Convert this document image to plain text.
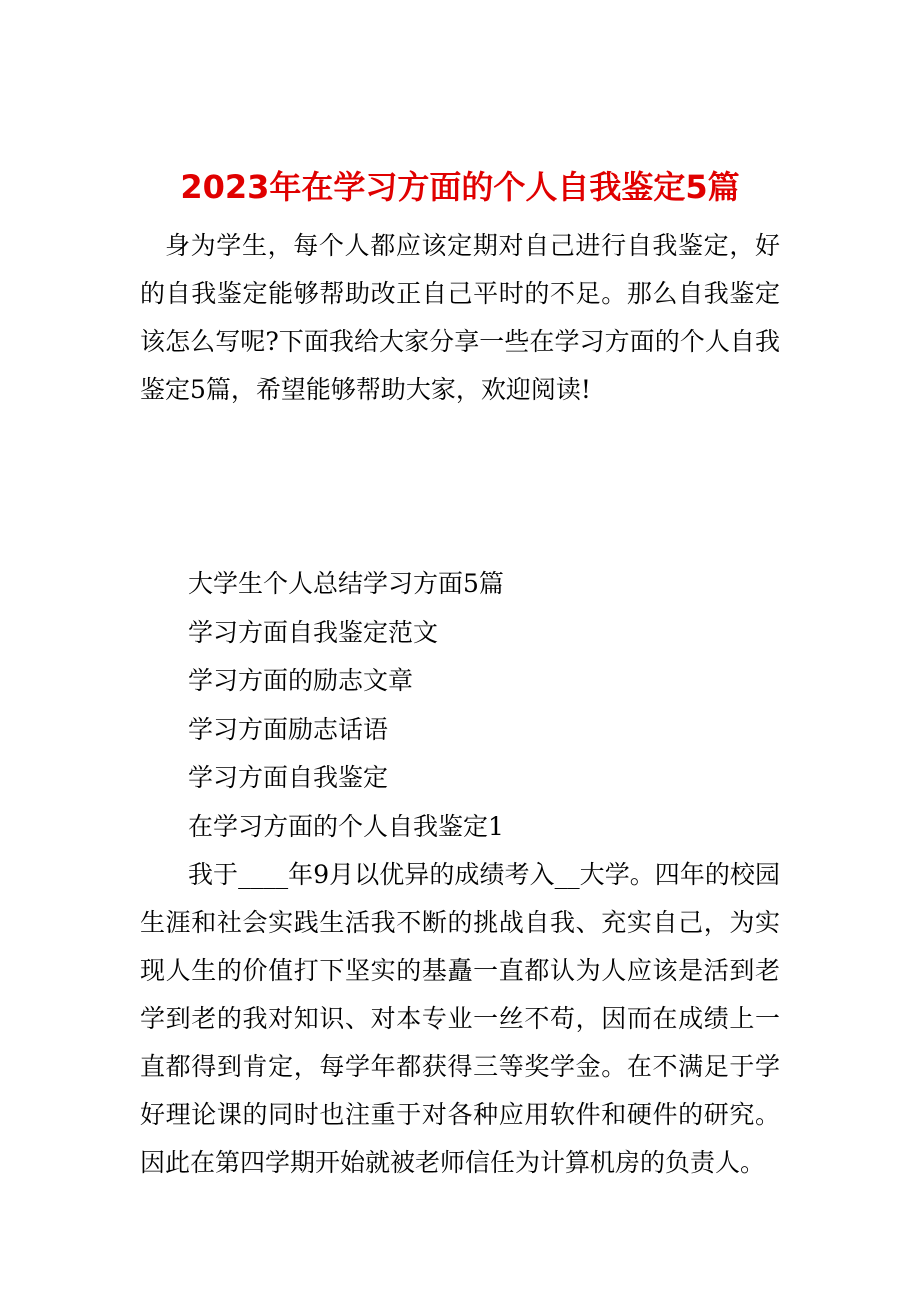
2023年在学习方面的个人自我鉴定5篇

身为学生，每个人都应该定期对自己进行自我鉴定，好的自我鉴定能够帮助改正自己平时的不足。那么自我鉴定该怎么写呢?下面我给大家分享一些在学习方面的个人自我鉴定5篇，希望能够帮助大家，欢迎阅读!

大学生个人总结学习方面5篇
学习方面自我鉴定范文
学习方面的励志文章
学习方面励志话语
学习方面自我鉴定
在学习方面的个人自我鉴定1

我于____年9月以优异的成绩考入__大学。四年的校园生涯和社会实践生活我不断的挑战自我、充实自己，为实现人生的价值打下坚实的基矗一直都认为人应该是活到老学到老的我对知识、对本专业一丝不苟，因而在成绩上一直都得到肯定，每学年都获得三等奖学金。在不满足于学好理论课的同时也注重于对各种应用软件和硬件的研究。因此在第四学期开始就被老师信任为计算机房的负责人。
